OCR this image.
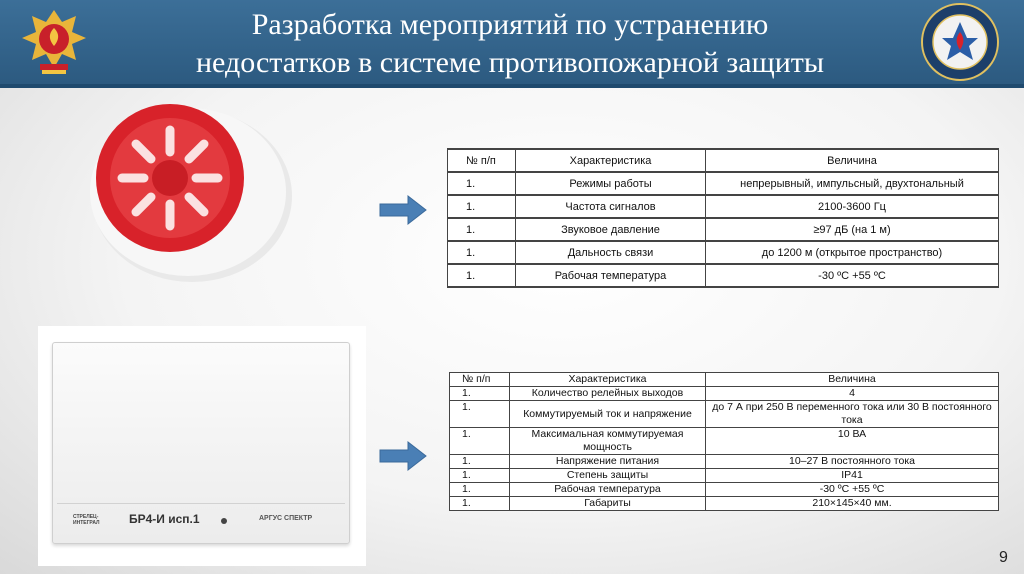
Разработка мероприятий по устранению
недостатков в системе противопожарной защиты
СТРЕЛЕЦ-ИНТЕГРАЛ	БР4-И исп.1	АРГУС СПЕКТР
№ п/п	Характеристика	Величина
1.	Режимы работы	непрерывный, импульсный, двухтональный
1.	Частота сигналов	2100-3600 Гц
1.	Звуковое давление	≥97 дБ (на 1 м)
1.	Дальность связи	до 1200 м (открытое пространство)
1.	Рабочая температура	-30 ºС +55 ºС
№ п/п	Характеристика	Величина
1.	Количество релейных выходов	4
1.	Коммутируемый ток и напряжение	до 7 А при 250 В переменного тока или 30 В постоянного тока
1.	Максимальная коммутируемая мощность	10 ВА
1.	Напряжение питания	10–27 В постоянного тока
1.	Степень защиты	IP41
1.	Рабочая температура	-30 ºС +55 ºС
1.	Габариты	210×145×40 мм.
9
